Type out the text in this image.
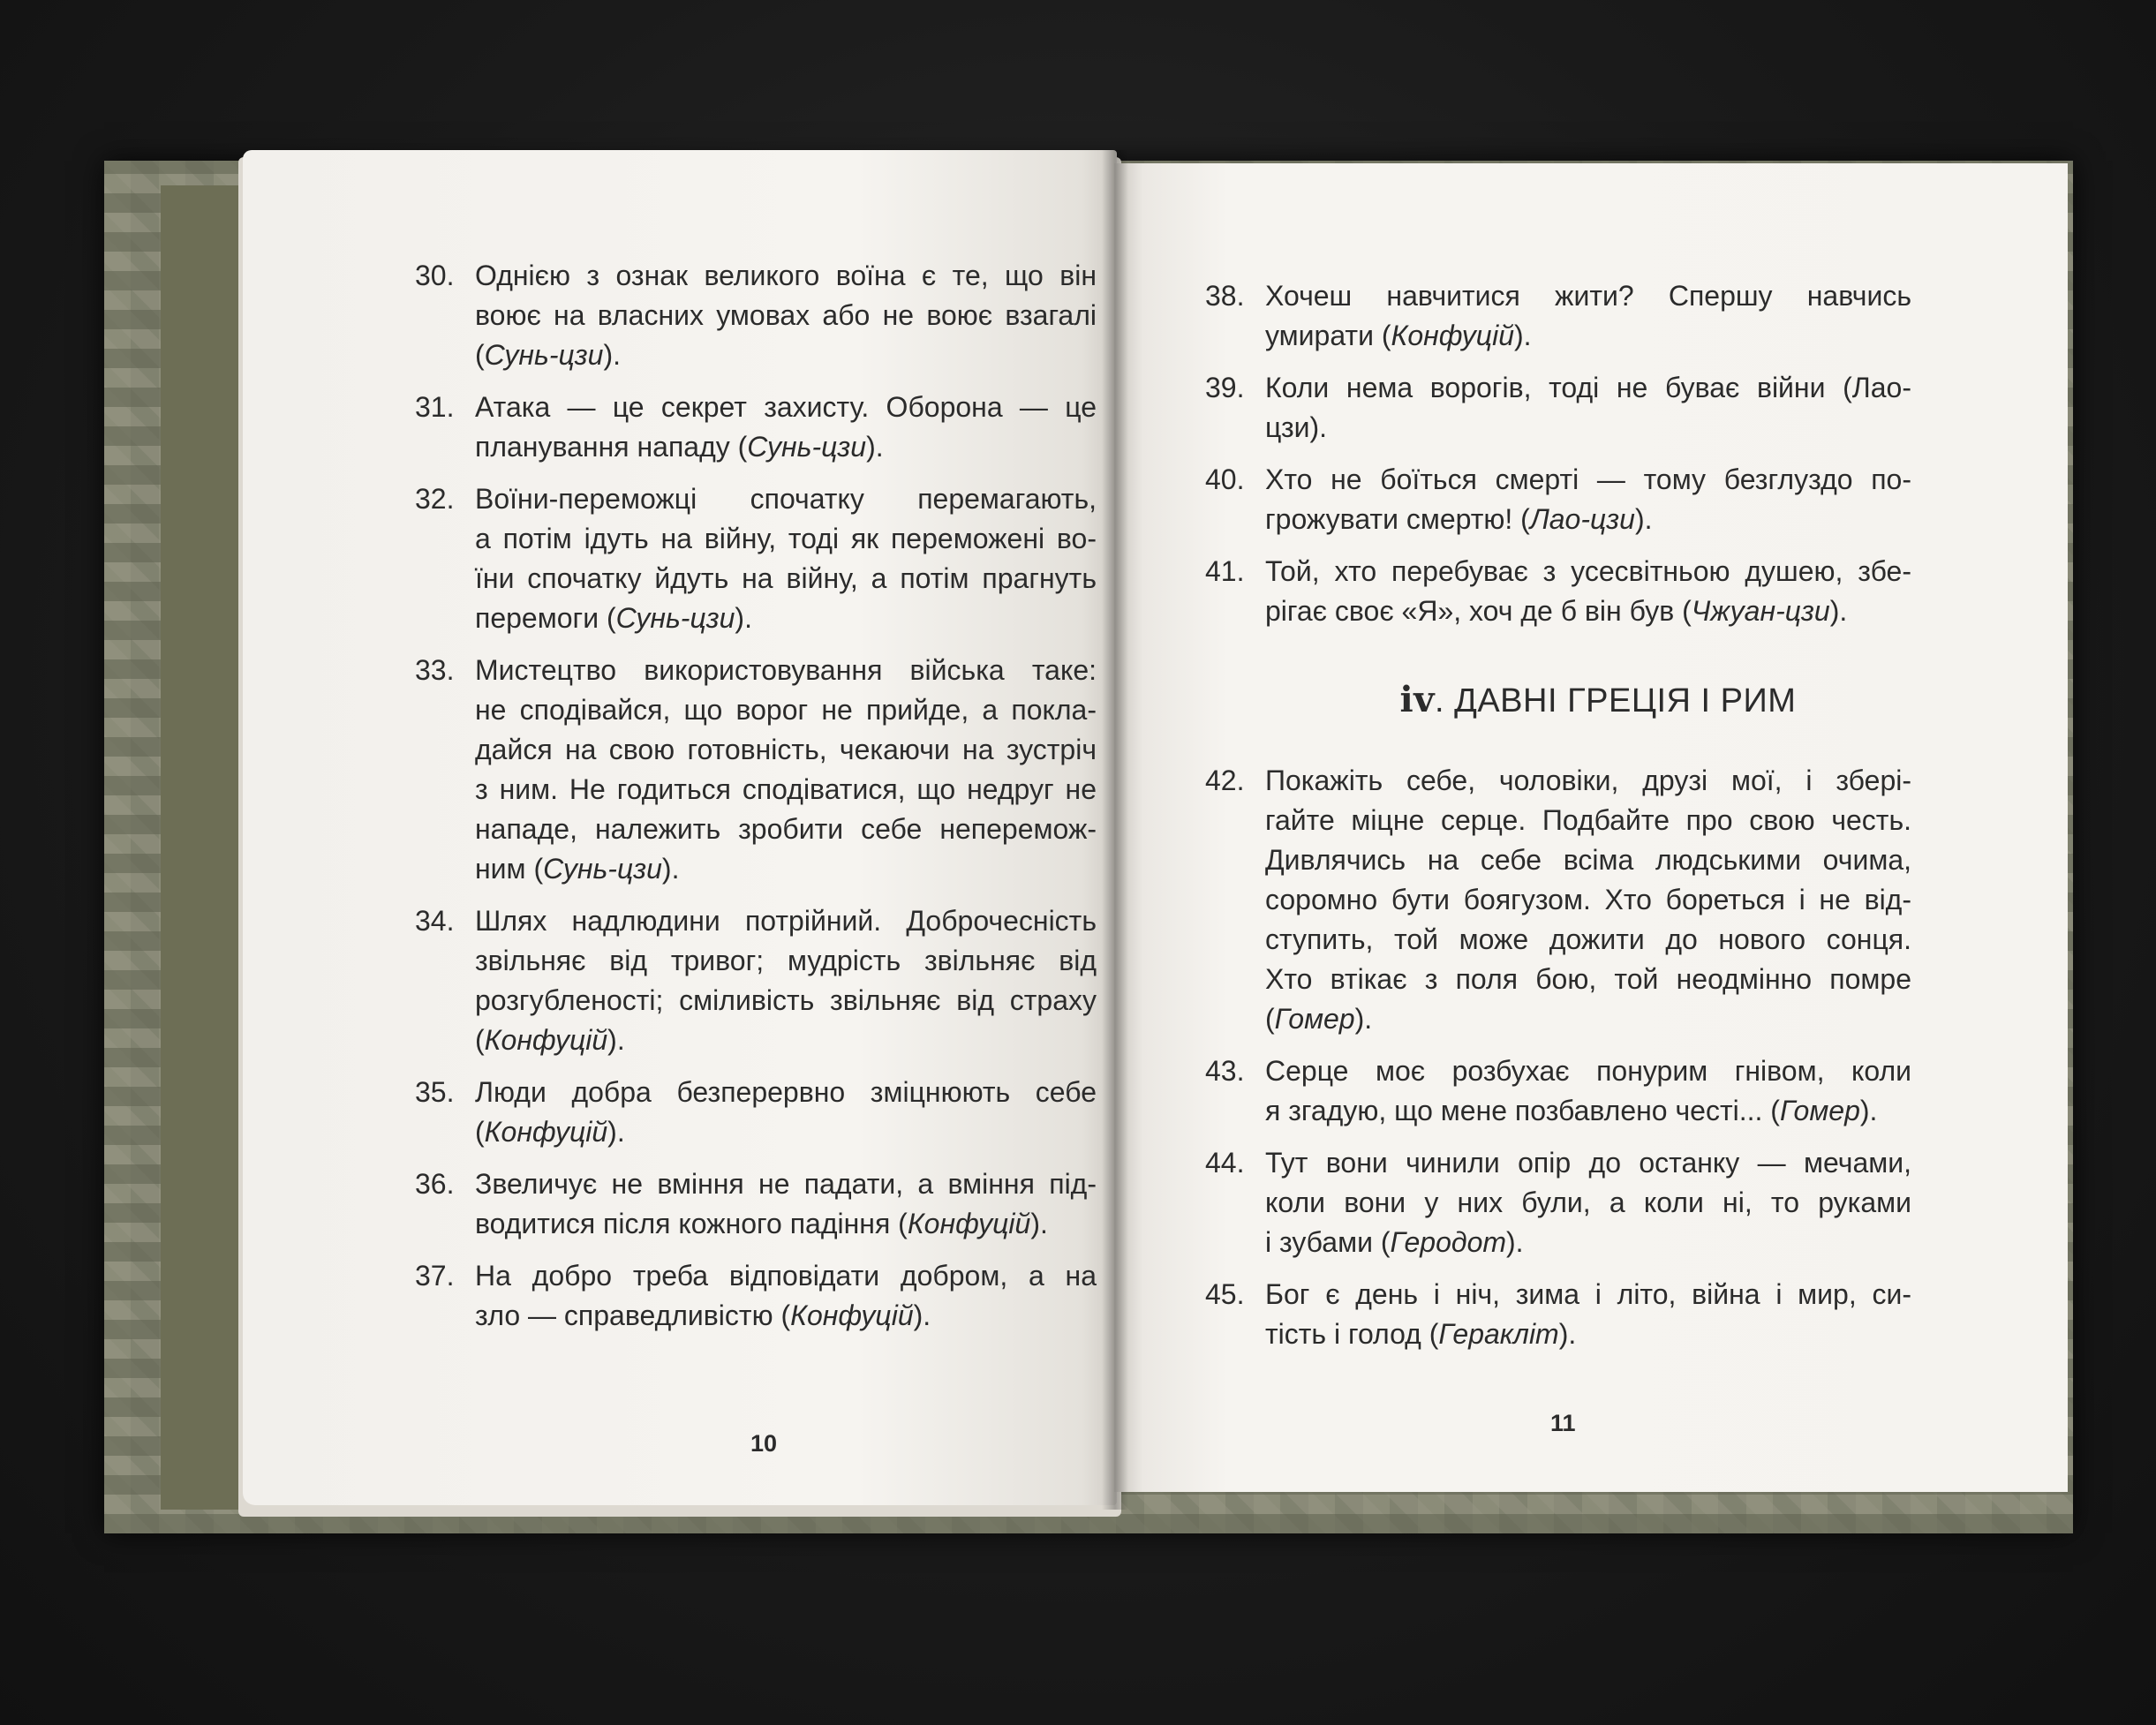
30. Однією з ознак великого воїна є те, що він
воює на власних умовах або не воює взагалі
(Сунь-цзи).
31. Атака — це секрет захисту. Оборона — це
планування нападу (Сунь-цзи).
32. Воїни-переможці спочатку перемагають,
а потім ідуть на війну, тоді як переможені во-
їни спочатку йдуть на війну, а потім прагнуть
перемоги (Сунь-цзи).
33. Мистецтво використовування війська таке:
не сподівайся, що ворог не прийде, а покла-
дайся на свою готовність, чекаючи на зустріч
з ним. Не годиться сподіватися, що недруг не
нападе, належить зробити себе неперемож-
ним (Сунь-цзи).
34. Шлях надлюдини потрійний. Доброчесність
звільняє від тривог; мудрість звільняє від
розгубленості; сміливість звільняє від страху
(Конфуцій).
35. Люди добра безперервно зміцнюють себе
(Конфуцій).
36. Звеличує не вміння не падати, а вміння під-
водитися після кожного падіння (Конфуцій).
37. На добро треба відповідати добром, а на
зло — справедливістю (Конфуцій).
10
38. Хочеш навчитися жити? Спершу навчись
умирати (Конфуцій).
39. Коли нема ворогів, тоді не буває війни (Лао-
цзи).
40. Хто не боїться смерті — тому безглуздо по-
грожувати смертю! (Лао-цзи).
41. Той, хто перебуває з усесвітньою душею, збе-
рігає своє «Я», хоч де б він був (Чжуан-цзи).
iv. ДАВНІ ГРЕЦІЯ І РИМ
42. Покажіть себе, чоловіки, друзі мої, і збері-
гайте міцне серце. Подбайте про свою честь.
Дивлячись на себе всіма людськими очима,
соромно бути боягузом. Хто бореться і не від-
ступить, той може дожити до нового сонця.
Хто втікає з поля бою, той неодмінно помре
(Гомер).
43. Серце моє розбухає понурим гнівом, коли
я згадую, що мене позбавлено честі... (Гомер).
44. Тут вони чинили опір до останку — мечами,
коли вони у них були, а коли ні, то руками
і зубами (Геродот).
45. Бог є день і ніч, зима і літо, війна і мир, си-
тість і голод (Геракліт).
11
